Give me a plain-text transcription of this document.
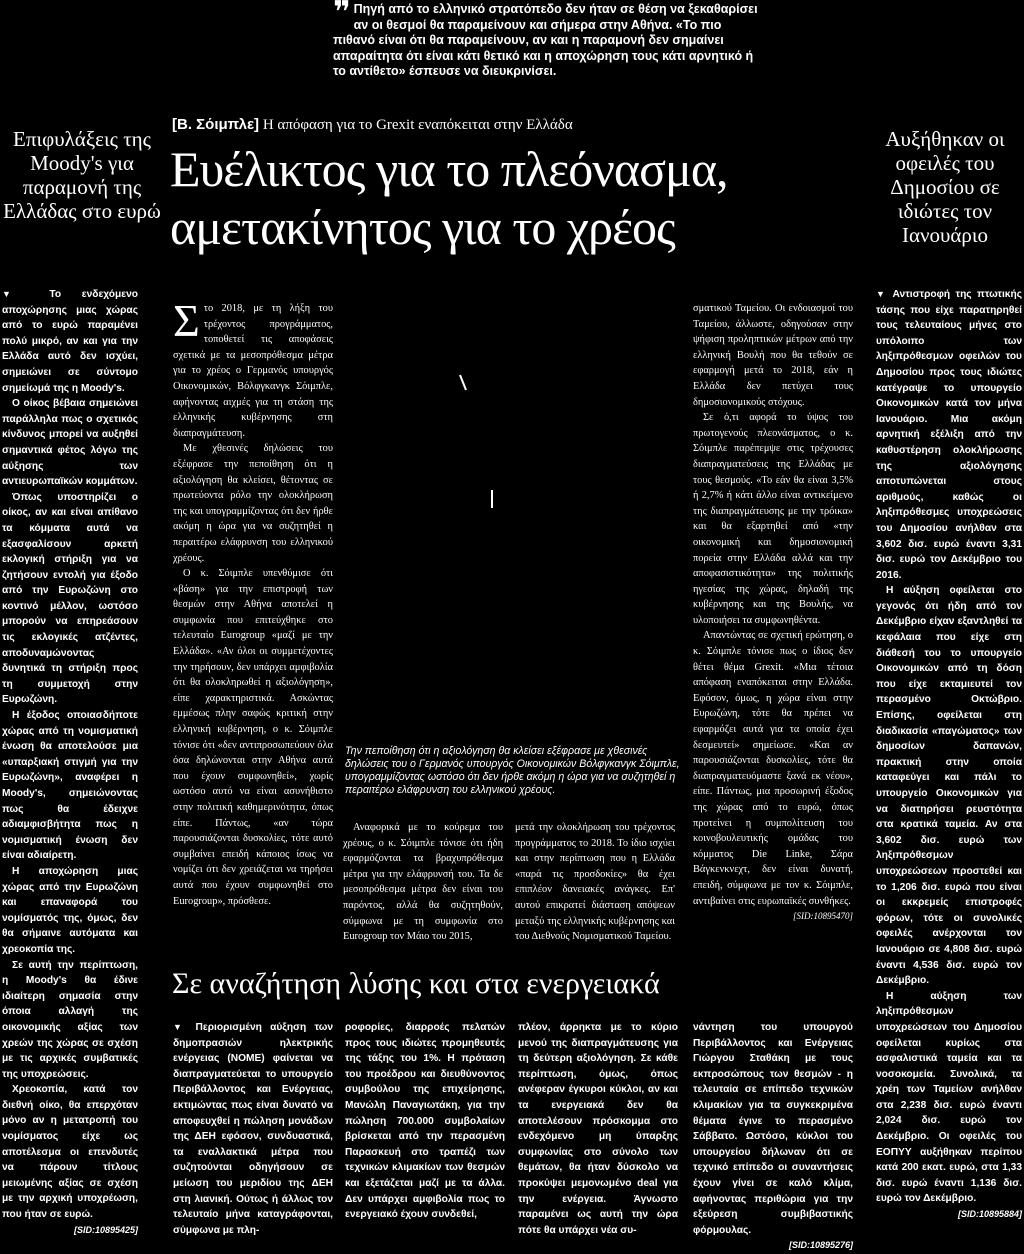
❞ Πηγή από το ελληνικό στρατόπεδο δεν ήταν σε θέση να ξεκαθαρίσει αν οι θεσμοί θα παραμείνουν και σήμερα στην Αθήνα. «Το πιο πιθανό είναι ότι θα παραμείνουν, αν και η παραμονή δεν σημαίνει απαραίτητα ότι είναι κάτι θετικό και η αποχώρηση τους κάτι αρνητικό ή το αντίθετο» έσπευσε να διευκρινίσει.
Επιφυλάξεις της Moody's για παραμονή της Ελλάδας στο ευρώ
Αυξήθηκαν οι οφειλές του Δημοσίου σε ιδιώτες τον Ιανουάριο
[Β. Σόιμπλε] Η απόφαση για το Grexit εναπόκειται στην Ελλάδα
Ευέλικτος για το πλεόνασμα,
αμετακίνητος για το χρέος

▼ Το ενδεχόμενο αποχώρησης μιας χώρας από το ευρώ παραμένει πολύ μικρό, αν και για την Ελλάδα αυτό δεν ισχύει, σημειώνει σε σύντομο σημείωμά της η Moody's.

Ο οίκος βέβαια σημειώνει παράλληλα πως ο σχετικός κίνδυνος μπορεί να αυξηθεί σημαντικά φέτος λόγω της αύξησης των αντιευρωπαϊκών κομμάτων.

Όπως υποστηρίζει ο οίκος, αν και είναι απίθανο τα κόμματα αυτά να εξασφαλίσουν αρκετή εκλογική στήριξη για να ζητήσουν εντολή για έξοδο από την Ευρωζώνη στο κοντινό μέλλον, ωστόσο μπορούν να επηρεάσουν τις εκλογικές ατζέντες, αποδυναμώνοντας δυνητικά τη στήριξη προς τη συμμετοχή στην Ευρωζώνη.

Η έξοδος οποιασδήποτε χώρας από τη νομισματική ένωση θα αποτελούσε μια «υπαρξιακή στιγμή για την Ευρωζώνη», αναφέρει η Moody's, σημειώνοντας πως θα έδειχνε αδιαμφισβήτητα πως η νομισματική ένωση δεν είναι αδιαίρετη.

Η αποχώρηση μιας χώρας από την Ευρωζώνη και επαναφορά του νομίσματός της, όμως, δεν θα σήμαινε αυτόματα και χρεοκοπία της.

Σε αυτή την περίπτωση, η Moody's θα έδινε ιδιαίτερη σημασία στην όποια αλλαγή της οικονομικής αξίας των χρεών της χώρας σε σχέση με τις αρχικές συμβατικές της υποχρεώσεις.

Χρεοκοπία, κατά τον διεθνή οίκο, θα επερχόταν μόνο αν η μετατροπή του νομίσματος είχε ως αποτέλεσμα οι επενδυτές να πάρουν τίτλους μειωμένης αξίας σε σχέση με την αρχική υποχρέωση, που ήταν σε ευρώ.

[SID:10895425]

Στο 2018, με τη λήξη του τρέχοντος προγράμματος, τοποθετεί τις αποφάσεις σχετικά με τα μεσοπρόθεσμα μέτρα για το χρέος ο Γερμανός υπουργός Οικονομικών, Βόλφγκανγκ Σόιμπλε, αφήνοντας αιχμές για τη στάση της ελληνικής κυβέρνησης στη διαπραγμάτευση.

Με χθεσινές δηλώσεις του εξέφρασε την πεποίθηση ότι η αξιολόγηση θα κλείσει, θέτοντας σε πρωτεύοντα ρόλο την ολοκλήρωση της και υπογραμμίζοντας ότι δεν ήρθε ακόμη η ώρα για να συζητηθεί η περαιτέρω ελάφρυνση του ελληνικού χρέους.

Ο κ. Σόιμπλε υπενθύμισε ότι «βάση» για την επιστροφή των θεσμών στην Αθήνα αποτελεί η συμφωνία που επιτεύχθηκε στο τελευταίο Eurogroup «μαζί με την Ελλάδα». «Αν όλοι οι συμμετέχοντες την τηρήσουν, δεν υπάρχει αμφιβολία ότι θα ολοκληρωθεί η αξιολόγηση», είπε χαρακτηριστικά. Ασκώντας εμμέσως πλην σαφώς κριτική στην ελληνική κυβέρνηση, ο κ. Σόιμπλε τόνισε ότι «δεν αντιπροσωπεύουν όλα όσα δηλώνονται στην Αθήνα αυτά που έχουν συμφωνηθεί», χωρίς ωστόσο αυτό να είναι ασυνήθιστο στην πολιτική καθημερινότητα, όπως είπε. Πάντως, «αν τώρα παρουσιάζονται δυσκολίες, τότε αυτό συμβαίνει επειδή κάποιος ίσως να νομίζει ότι δεν χρειάζεται να τηρήσει αυτά που έχουν συμφωνηθεί στο Eurogroup», πρόσθεσε.

Την πεποίθηση ότι η αξιολόγηση θα κλείσει εξέφρασε με χθεσινές δηλώσεις του ο Γερμανός υπουργός Οικονομικών Βόλφγκανγκ Σόιμπλε, υπογραμμίζοντας ωστόσο ότι δεν ήρθε ακόμη η ώρα για να συζητηθεί η περαιτέρω ελάφρυνση του ελληνικού χρέους.

Αναφορικά με το κούρεμα του χρέους, ο κ. Σόιμπλε τόνισε ότι ήδη εφαρμόζονται τα βραχυπρόθεσμα μέτρα για την ελάφρυνσή του. Τα δε μεσοπρόθεσμα μέτρα δεν είναι του παρόντος, αλλά θα συζητηθούν, σύμφωνα με τη συμφωνία στο Eurogroup τον Μάιο του 2015,

μετά την ολοκλήρωση του τρέχοντος προγράμματος το 2018. Το ίδιο ισχύει και στην περίπτωση που η Ελλάδα «παρά τις προσδοκίες» θα έχει επιπλέον δανειακές ανάγκες. Επ' αυτού επικρατεί διάσταση απόψεων μεταξύ της ελληνικής κυβέρνησης και του Διεθνούς Νομισματικού Ταμείου.

σματικού Ταμείου. Οι ενδοιασμοί του Ταμείου, άλλωστε, οδηγούσαν στην ψήφιση προληπτικών μέτρων από την ελληνική Βουλή που θα τεθούν σε εφαρμογή μετά το 2018, εάν η Ελλάδα δεν πετύχει τους δημοσιονομικούς στόχους.

Σε ό,τι αφορά το ύψος του πρωτογενούς πλεονάσματος, ο κ. Σόιμπλε παρέπεμψε στις τρέχουσες διαπραγματεύσεις της Ελλάδας με τους θεσμούς. «Το εάν θα είναι 3,5% ή 2,7% ή κάτι άλλο είναι αντικείμενο της διαπραγμάτευσης με την τρόικα» και θα εξαρτηθεί από «την οικονομική και δημοσιονομική πορεία στην Ελλάδα αλλά και την αποφασιστικότητα» της πολιτικής ηγεσίας της χώρας, δηλαδή της κυβέρνησης και της Βουλής, να υλοποιήσει τα συμφωνηθέντα.

Απαντώντας σε σχετική ερώτηση, ο κ. Σόιμπλε τόνισε πως ο ίδιος δεν θέτει θέμα Grexit. «Μια τέτοια απόφαση εναπόκειται στην Ελλάδα. Εφόσον, όμως, η χώρα είναι στην Ευρωζώνη, τότε θα πρέπει να εφαρμόζει αυτά για τα οποία έχει δεσμευτεί» σημείωσε. «Και αν παρουσιάζονται δυσκολίες, τότε θα διαπραγματευόμαστε ξανά εκ νέου», είπε. Πάντως, μια προσωρινή έξοδος της χώρας από το ευρώ, όπως προτείνει η συμπολίτευση του κοινοβουλευτικής ομάδας του κόμματος Die Linke, Σάρα Βάγκενκνεχτ, δεν είναι δυνατή, επειδή, σύμφωνα με τον κ. Σόιμπλε, αντιβαίνει στις ευρωπαϊκές συνθήκες.

[SID:10895470]

▼ Αντιστροφή της πτωτικής τάσης που είχε παρατηρηθεί τους τελευταίους μήνες στο υπόλοιπο των ληξιπρόθεσμων οφειλών του Δημοσίου προς τους ιδιώτες κατέγραψε το υπουργείο Οικονομικών κατά τον μήνα Ιανουάριο. Μια ακόμη αρνητική εξέλιξη από την καθυστέρηση ολοκλήρωσης της αξιολόγησης αποτυπώνεται στους αριθμούς, καθώς οι ληξιπρόθεσμες υποχρεώσεις του Δημοσίου ανήλθαν στα 3,602 δισ. ευρώ έναντι 3,31 δισ. ευρώ τον Δεκέμβριο του 2016.

Η αύξηση οφείλεται στο γεγονός ότι ήδη από τον Δεκέμβριο είχαν εξαντληθεί τα κεφάλαια που είχε στη διάθεσή του το υπουργείο Οικονομικών από τη δόση που είχε εκταμιευτεί τον περασμένο Οκτώβριο. Επίσης, οφείλεται στη διαδικασία «παγώματος» των δημοσίων δαπανών, πρακτική στην οποία καταφεύγει και πάλι το υπουργείο Οικονομικών για να διατηρήσει ρευστότητα στα κρατικά ταμεία. Αν στα 3,602 δισ. ευρώ των ληξιπρόθεσμων υποχρεώσεων προστεθεί και το 1,206 δισ. ευρώ που είναι οι εκκρεμείς επιστροφές φόρων, τότε οι συνολικές οφειλές ανέρχονται τον Ιανουάριο σε 4,808 δισ. ευρώ έναντι 4,536 δισ. ευρώ τον Δεκέμβριο.

Η αύξηση των ληξιπρόθεσμων υποχρεώσεων του Δημοσίου οφείλεται κυρίως στα ασφαλιστικά ταμεία και τα νοσοκομεία. Συνολικά, τα χρέη των Ταμείων ανήλθαν στα 2,238 δισ. ευρώ έναντι 2,024 δισ. ευρώ τον Δεκέμβριο. Οι οφειλές του ΕΟΠΥΥ αυξήθηκαν περίπου κατά 200 εκατ. ευρώ, στα 1,33 δισ. ευρώ έναντι 1,136 δισ. ευρώ τον Δεκέμβριο.

[SID:10895884]
Σε αναζήτηση λύσης και στα ενεργειακά

▼ Περιορισμένη αύξηση των δημοπρασιών ηλεκτρικής ενέργειας (ΝΟΜΕ) φαίνεται να διαπραγματεύεται το υπουργείο Περιβάλλοντος και Ενέργειας, εκτιμώντας πως είναι δυνατό να αποφευχθεί η πώληση μονάδων της ΔΕΗ εφόσον, συνδυαστικά, τα εναλλακτικά μέτρα που συζητούνται οδηγήσουν σε μείωση του μεριδίου της ΔΕΗ στη λιανική. Ούτως ή άλλως τον τελευταίο μήνα καταγράφονται, σύμφωνα με πλη-

ροφορίες, διαρροές πελατών προς τους ιδιώτες προμηθευτές της τάξης του 1%. Η πρόταση του προέδρου και διευθύνοντος συμβούλου της επιχείρησης, Μανώλη Παναγιωτάκη, για την πώληση 700.000 συμβολαίων βρίσκεται από την περασμένη Παρασκευή στο τραπέζι των τεχνικών κλιμακίων των θεσμών και εξετάζεται μαζί με τα άλλα. Δεν υπάρχει αμφιβολία πως το ενεργειακό έχουν συνδεθεί,

πλέον, άρρηκτα με το κύριο μενού της διαπραγμάτευσης για τη δεύτερη αξιολόγηση. Σε κάθε περίπτωση, όμως, όπως ανέφεραν έγκυροι κύκλοι, αν και τα ενεργειακά δεν θα αποτελέσουν πρόσκομμα στο ενδεχόμενο μη ύπαρξης συμφωνίας στο σύνολο των θεμάτων, θα ήταν δύσκολο να προκύψει μεμονωμένο deal για την ενέργεια. Άγνωστο παραμένει ως αυτή την ώρα πότε θα υπάρχει νέα συ-

νάντηση του υπουργού Περιβάλλοντος και Ενέργειας Γιώργου Σταθάκη με τους εκπροσώπους των θεσμών - η τελευταία σε επίπεδο τεχνικών κλιμακίων για τα συγκεκριμένα θέματα έγινε το περασμένο Σάββατο. Ωστόσο, κύκλοι του υπουργείου δήλωναν ότι σε τεχνικό επίπεδο οι συναντήσεις έχουν γίνει σε καλό κλίμα, αφήνοντας περιθώρια για την εξεύρεση συμβιβαστικής φόρμουλας.

[SID:10895276]
